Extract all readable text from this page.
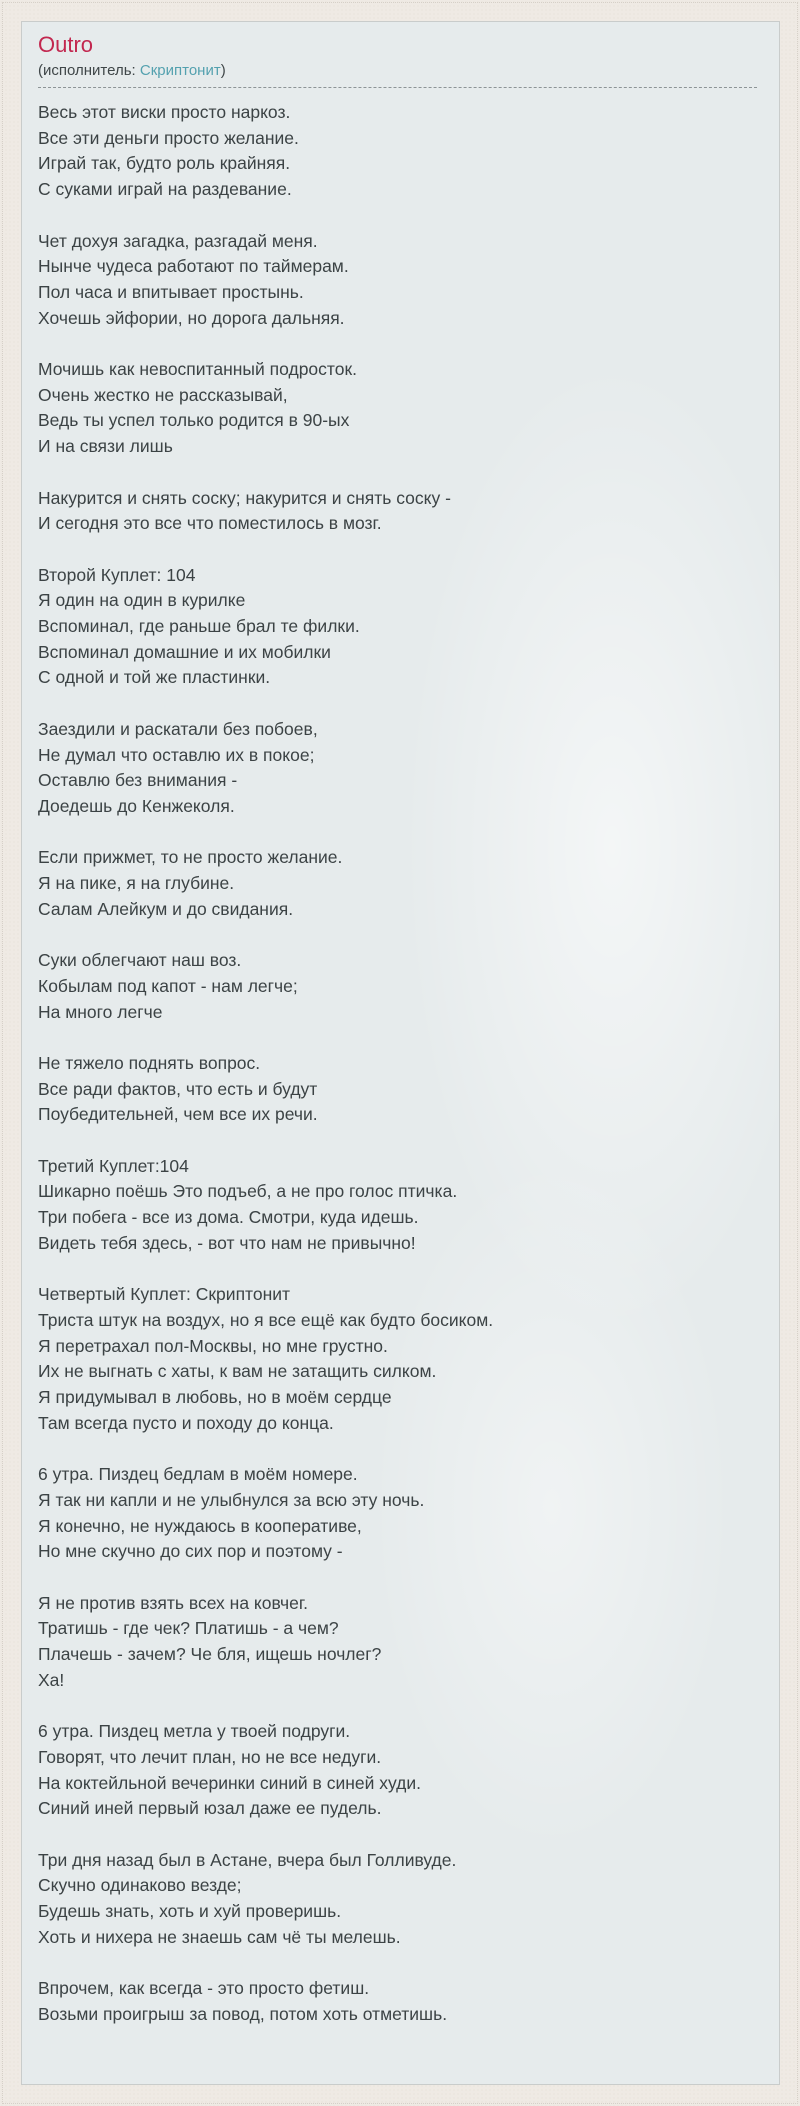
Outro
(исполнитель: Скриптонит)
Весь этот виски просто наркоз.
Все эти деньги просто желание.
Играй так, будто роль крайняя.
С суками играй на раздевание.
Чет дохуя загадка, разгадай меня.
Нынче чудеса работают по таймерам.
Пол часа и впитывает простынь.
Хочешь эйфории, но дорога дальняя.
Мочишь как невоспитанный подросток.
Очень жестко не рассказывай,
Ведь ты успел только родится в 90-ых
И на связи лишь
Накурится и снять соску; накурится и снять соску -
И сегодня это все что поместилось в мозг.
Второй Куплет: 104
Я один на один в курилке
Вспоминал, где раньше брал те филки.
Вспоминал домашние и их мобилки
С одной и той же пластинки.
Заездили и раскатали без побоев,
Не думал что оставлю их в покое;
Оставлю без внимания -
Доедешь до Кенжеколя.
Если прижмет, то не просто желание.
Я на пике, я на глубине.
Салам Алейкум и до свидания.
Суки облегчают наш воз.
Кобылам под капот - нам легче;
На много легче
Не тяжело поднять вопрос.
Все ради фактов, что есть и будут
Поубедительней, чем все их речи.
Третий Куплет:104
Шикарно поёшь Это подъеб, а не про голос птичка.
Три побега - все из дома. Смотри, куда идешь.
Видеть тебя здесь, - вот что нам не привычно!
Четвертый Куплет: Скриптонит
Триста штук на воздух, но я все ещё как будто босиком.
Я перетрахал пол-Москвы, но мне грустно.
Их не выгнать с хаты, к вам не затащить силком.
Я придумывал в любовь, но в моём сердце
Там всегда пусто и походу до конца.
6 утра. Пиздец бедлам в моём номере.
Я так ни капли и не улыбнулся за всю эту ночь.
Я конечно, не нуждаюсь в кооперативе,
Но мне скучно до сих пор и поэтому -
Я не против взять всех на ковчег.
Тратишь - где чек? Платишь - а чем?
Плачешь - зачем? Че бля, ищешь ночлег?
Ха!
6 утра. Пиздец метла у твоей подруги.
Говорят, что лечит план, но не все недуги.
На коктейльной вечеринки синий в синей худи.
Синий иней первый юзал даже ее пудель.
Три дня назад был в Астане, вчера был Голливуде.
Скучно одинаково везде;
Будешь знать, хоть и хуй проверишь.
Хоть и нихера не знаешь сам чё ты мелешь.
Впрочем, как всегда - это просто фетиш.
Возьми проигрыш за повод, потом хоть отметишь.
